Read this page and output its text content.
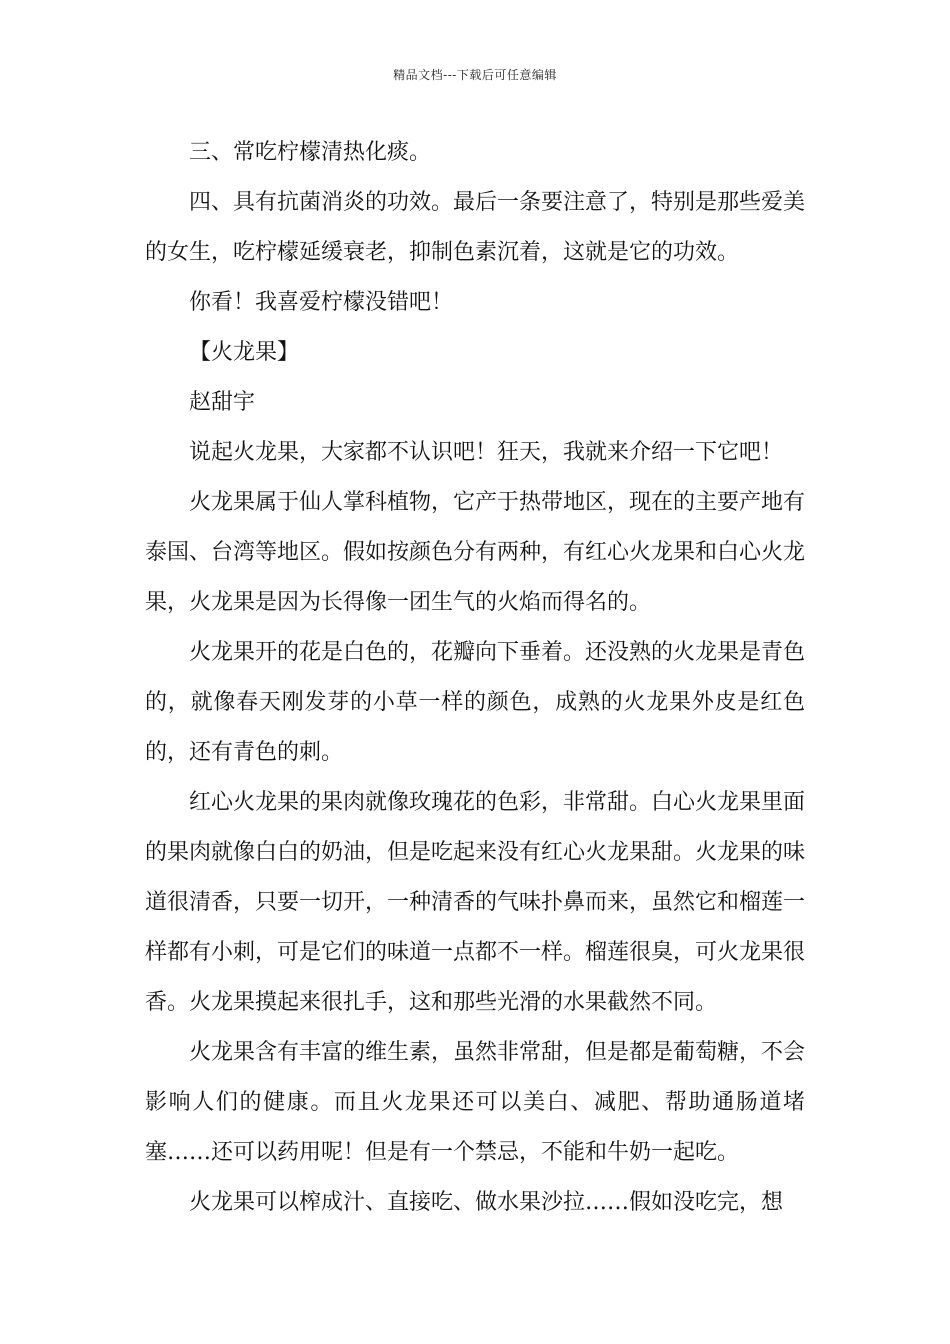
精品文档---下载后可任意编辑

三、常吃柠檬清热化痰。

四、具有抗菌消炎的功效。最后一条要注意了，特别是那些爱美的女生，吃柠檬延缓衰老，抑制色素沉着，这就是它的功效。

你看！我喜爱柠檬没错吧！

【火龙果】

赵甜宇

说起火龙果，大家都不认识吧！狂天，我就来介绍一下它吧！

火龙果属于仙人掌科植物，它产于热带地区，现在的主要产地有泰国、台湾等地区。假如按颜色分有两种，有红心火龙果和白心火龙果，火龙果是因为长得像一团生气的火焰而得名的。

火龙果开的花是白色的，花瓣向下垂着。还没熟的火龙果是青色的，就像春天刚发芽的小草一样的颜色，成熟的火龙果外皮是红色的，还有青色的刺。

红心火龙果的果肉就像玫瑰花的色彩，非常甜。白心火龙果里面的果肉就像白白的奶油，但是吃起来没有红心火龙果甜。火龙果的味道很清香，只要一切开，一种清香的气味扑鼻而来，虽然它和榴莲一样都有小刺，可是它们的味道一点都不一样。榴莲很臭，可火龙果很香。火龙果摸起来很扎手，这和那些光滑的水果截然不同。

火龙果含有丰富的维生素，虽然非常甜，但是都是葡萄糖，不会影响人们的健康。而且火龙果还可以美白、减肥、帮助通肠道堵塞……还可以药用呢！但是有一个禁忌，不能和牛奶一起吃。

火龙果可以榨成汁、直接吃、做水果沙拉……假如没吃完，想
